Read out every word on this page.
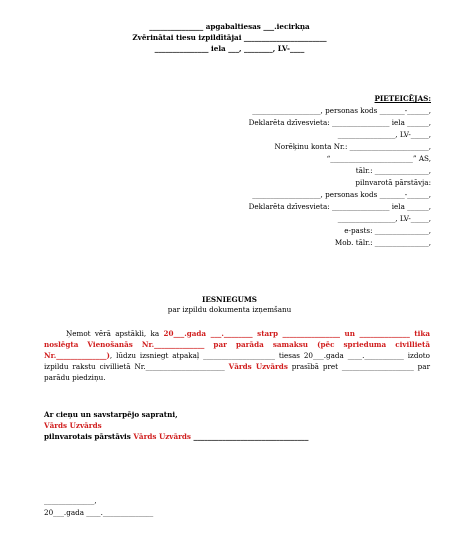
_______________ apgabaltiesas ___.iecirkņa
Zvērinātai tiesu izpildītājai _______________________
_______________ iela ___, ________, LV-____
PIETEICĒJAS:
___________________, personas kods _______-______,
Deklarēta dzīvesvieta: ________________ iela ______,
________________, LV-_____,
Norēķinu konta Nr.: ______________________,
“_______________________” AS,
tālr.: _______________,
pilnvarotā pārstāvja:
___________________, personas kods _______-______,
Deklarēta dzīvesvieta: ________________ iela ______,
________________, LV-_____,
e-pasts: _______________,
Mob. tālr.: _______________,
IESNIEGUMS
par izpildu dokumenta izņemšanu
Ņemot vērā apstākli, ka 20___.gada ___.________ starp ________________ un ______________ tika noslēgta Vienošanās Nr.______________ par parāda samaksu (pēc sprieduma civillietā Nr.______________), lūdzu izsniegt atpakaļ ____________________ tiesas 20___.gada ____.___________ izdoto izpildu rakstu civillietā Nr.______________________ Vārds Uzvārds prasībā pret ____________________ par parādu piedziņu.
Ar cieņu un savstarpējo sapratni,
Vārds Uzvārds
pilnvarotais pārstāvis Vārds Uzvārds ________________________________
______________,
20___.gada ____.______________
